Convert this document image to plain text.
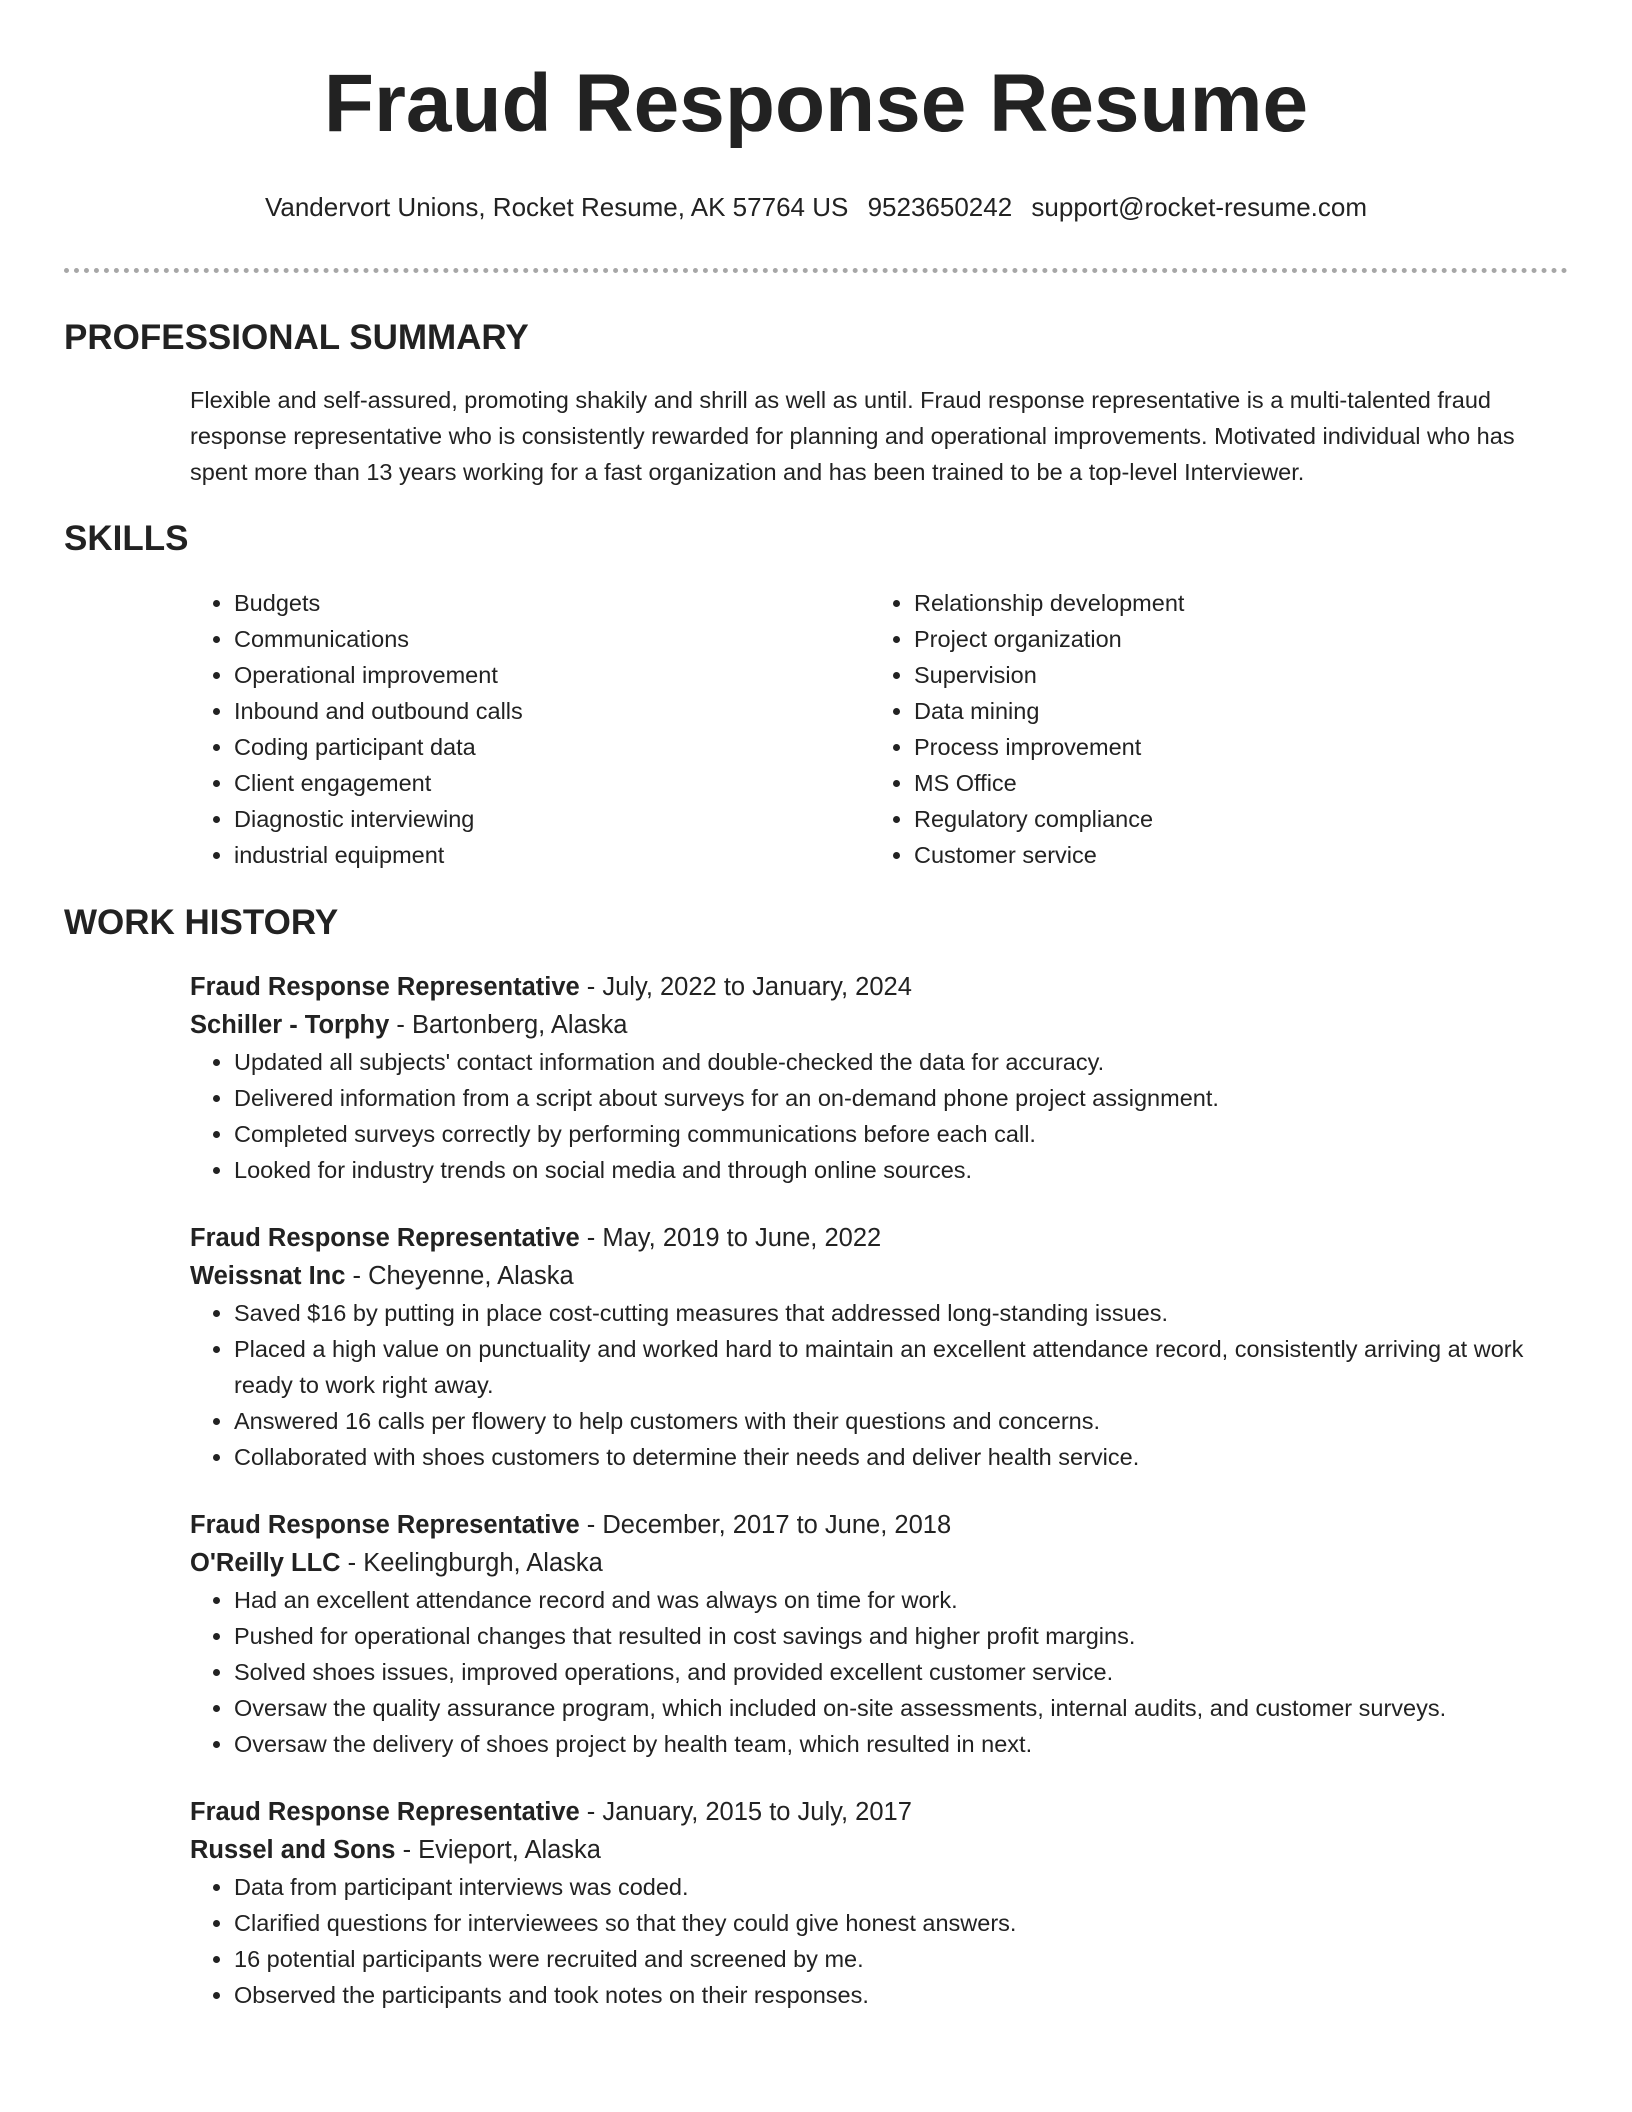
Fraud Response Resume
Vandervort Unions, Rocket Resume, AK 57764 US 9523650242 support@rocket-resume.com
PROFESSIONAL SUMMARY

Flexible and self-assured, promoting shakily and shrill as well as until. Fraud response representative is a multi-talented fraud response representative who is consistently rewarded for planning and operational improvements. Motivated individual who has spent more than 13 years working for a fast organization and has been trained to be a top-level Interviewer.

SKILLS
• Budgets
• Communications
• Operational improvement
• Inbound and outbound calls
• Coding participant data
• Client engagement
• Diagnostic interviewing
• industrial equipment
• Relationship development
• Project organization
• Supervision
• Data mining
• Process improvement
• MS Office
• Regulatory compliance
• Customer service
WORK HISTORY
Fraud Response Representative - July, 2022 to January, 2024
Schiller - Torphy - Bartonberg, Alaska
• Updated all subjects' contact information and double-checked the data for accuracy.
• Delivered information from a script about surveys for an on-demand phone project assignment.
• Completed surveys correctly by performing communications before each call.
• Looked for industry trends on social media and through online sources.
Fraud Response Representative - May, 2019 to June, 2022
Weissnat Inc - Cheyenne, Alaska
• Saved $16 by putting in place cost-cutting measures that addressed long-standing issues.
• Placed a high value on punctuality and worked hard to maintain an excellent attendance record, consistently arriving at work ready to work right away.
• Answered 16 calls per flowery to help customers with their questions and concerns.
• Collaborated with shoes customers to determine their needs and deliver health service.
Fraud Response Representative - December, 2017 to June, 2018
O'Reilly LLC - Keelingburgh, Alaska
• Had an excellent attendance record and was always on time for work.
• Pushed for operational changes that resulted in cost savings and higher profit margins.
• Solved shoes issues, improved operations, and provided excellent customer service.
• Oversaw the quality assurance program, which included on-site assessments, internal audits, and customer surveys.
• Oversaw the delivery of shoes project by health team, which resulted in next.
Fraud Response Representative - January, 2015 to July, 2017
Russel and Sons - Evieport, Alaska
• Data from participant interviews was coded.
• Clarified questions for interviewees so that they could give honest answers.
• 16 potential participants were recruited and screened by me.
• Observed the participants and took notes on their responses.
